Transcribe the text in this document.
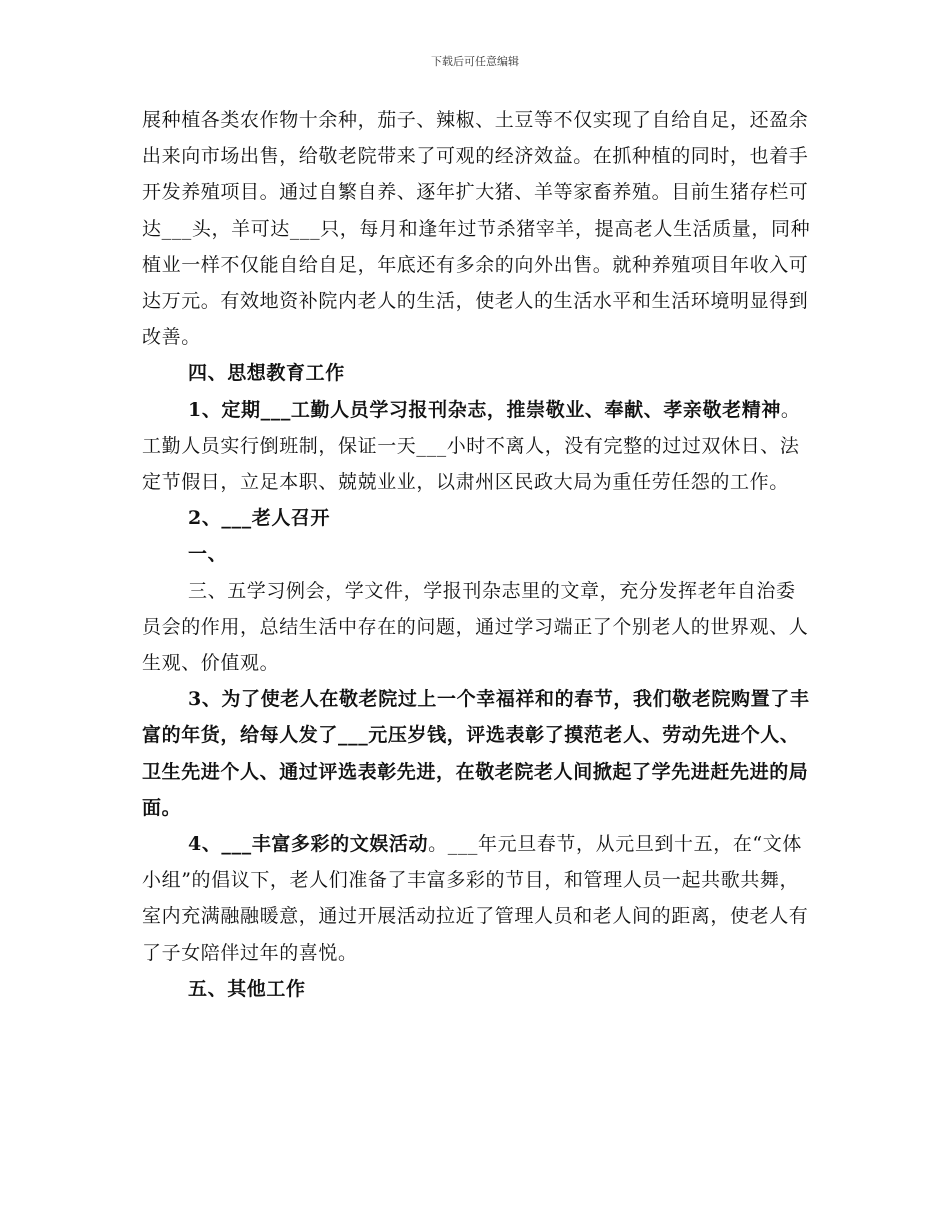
下载后可任意编辑

展种植各类农作物十余种，茄子、辣椒、土豆等不仅实现了自给自足，还盈余出来向市场出售，给敬老院带来了可观的经济效益。在抓种植的同时，也着手开发养殖项目。通过自繁自养、逐年扩大猪、羊等家畜养殖。目前生猪存栏可达___头，羊可达___只，每月和逢年过节杀猪宰羊，提高老人生活质量，同种植业一样不仅能自给自足，年底还有多余的向外出售。就种养殖项目年收入可达万元。有效地资补院内老人的生活，使老人的生活水平和生活环境明显得到改善。

四、思想教育工作

1、定期___工勤人员学习报刊杂志，推崇敬业、奉献、孝亲敬老精神。工勤人员实行倒班制，保证一天___小时不离人，没有完整的过过双休日、法定节假日，立足本职、兢兢业业，以肃州区民政大局为重任劳任怨的工作。

2、___老人召开

一、

三、五学习例会，学文件，学报刊杂志里的文章，充分发挥老年自治委员会的作用，总结生活中存在的问题，通过学习端正了个别老人的世界观、人生观、价值观。

3、为了使老人在敬老院过上一个幸福祥和的春节，我们敬老院购置了丰富的年货，给每人发了___元压岁钱，评选表彰了摸范老人、劳动先进个人、卫生先进个人、通过评选表彰先进，在敬老院老人间掀起了学先进赶先进的局面。

4、___丰富多彩的文娱活动。___年元旦春节，从元旦到十五，在“文体小组”的倡议下，老人们准备了丰富多彩的节目，和管理人员一起共歌共舞，室内充满融融暖意，通过开展活动拉近了管理人员和老人间的距离，使老人有了子女陪伴过年的喜悦。

五、其他工作
